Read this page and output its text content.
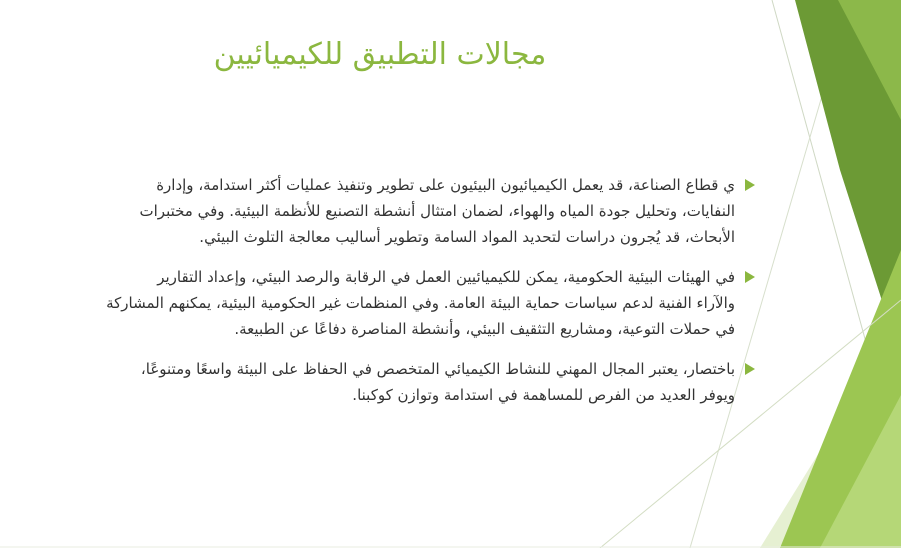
مجالات التطبيق للكيميائيين
ي قطاع الصناعة، قد يعمل الكيميائيون البيئيون على تطوير وتنفيذ عمليات أكثر استدامة، وإدارة
النفايات، وتحليل جودة المياه والهواء، لضمان امتثال أنشطة التصنيع للأنظمة البيئية. وفي مختبرات
الأبحاث، قد يُجرون دراسات لتحديد المواد السامة وتطوير أساليب معالجة التلوث البيئي.
في الهيئات البيئية الحكومية، يمكن للكيميائيين العمل في الرقابة والرصد البيئي، وإعداد التقارير
والآراء الفنية لدعم سياسات حماية البيئة العامة. وفي المنظمات غير الحكومية البيئية، يمكنهم المشاركة
في حملات التوعية، ومشاريع التثقيف البيئي، وأنشطة المناصرة دفاعًا عن الطبيعة.
باختصار، يعتبر المجال المهني للنشاط الكيميائي المتخصص في الحفاظ على البيئة واسعًا ومتنوعًا،
ويوفر العديد من الفرص للمساهمة في استدامة وتوازن كوكبنا.
